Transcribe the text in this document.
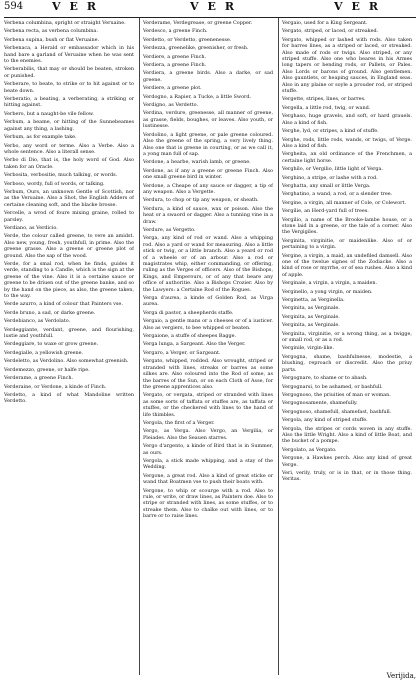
594	VER	VER	VER

Verbena columbina, spright or straight Veruaine.

Verbena recta, as verbena columbina.

Verbena supina, bush or flat Veruaine.

Verbenaca, a Herald or embassador which in his hand bare a garland of Veruaine when he was sent to the enemies.

Verberabilis, that may or should be beaten, stroken or punished.

Verberare, to beate, to strike or to hit against or to beate down.

Verberatio, a beating, a verberating, a striking or hitting against.

Verbero, but a naught-be vile fellow.

Verbum, a beame, or hitting of the Sunnebeames against any thing, a lashing.

Verbum, as for example take.

Verbo, any word or terme. Also a Verbe. Also a whole sentence. Also a literall sense.

Verbo di Dio, that is, the holy word of God. Also taken for an Oracle.

Verbosita, verbositie, much talking, or words.

Verboso, wordy, full of words, or talking.

Verbum, Ours, an unknown Gentle of Scottish, nor as the Veruaine. Also a Shot, the English Adders of certaine cleaning soft, and the blacke brosse.

Vercelle, a wrod of foure mixing graine, rolled to parsley.

Verdiano, as Verdicio.

Verde, the colour called greene, to vere an amidst. Also new, young, fresh, youthfull, in prime. Also the greene grasse. Also a greene or greene plot of ground. Also the sap of the wood.

Verde, for a smal rod, when he finds, guides it verde, standing to a Candle, which is the sign at the greene of the vine. Also it is a certaine sauce or greene to be driuen out of the greene banke, and so by the hand on the piece, as also, the greene taken, to the way.

Verde azurro, a kind of colour that Painters vse.

Verde bruno, a sad, or darke greene.

Verdebianco, as Verdolato.

Verdeggiante, verdant, greene, and flourishing, lustie and youthfull.

Verdeggiare, to waxe or grow greene.

Verdegialle, a yellowish greene.

Verdeletto, as Verdolino. Also somewhat greenish.

Verdemezzo, greene, or halfe ripe.

Verderame, a greene Finch.

Verderaine, or Verdone, a kinde of Finch.

Verdetto, a kind of what Mandoline written Verdetto.

Verderame, Verdegrease, or greene Copper.

Verdesco, a greene Finch.

Verdetto, or Verdetto, greenenesse.

Verdezza, greenelike, greenisher, or fresh.

Verdiere, a greene Finch.

Verdiera, a greene Finch.

Verdiera, a greene birds. Also a darke, or sad greene.

Verdiere, a greene plot.

Verdogno, a Rapier, a Tucke, a little Sword.

Verdigno, as Verdetto.

Verdina, verdure, greenesse, all manner of greene, as grasse, fields, boughes, or leaves. Also youth, or lustinesse.

Verdolino, a light greene, or pale greene coloured. Also the greene of the spring, a very lively thing. Also one that is greene in courting, or as we call it, a yong man full of sap.

Verdone, a hearbe, warish lamb, or greene.

Verdone, as if any a greene or greene Finch. Also one small greene bird in winter.

Verdone, a Cheape of any sauce or dagger, a tip of any weapon. Also a Vergette.

Verdura, to chop or tip any weapon, or sheath.

Verdura, a kind of sauce, wax or poison. Also the heat or a swaord or dagger. Also a tunning vine in a draw.

Verdure, as Vergetto.

Verga, any kind of rod or wand. Also a whipping rod. Also a yard or wand for measuring. Also a little stick or twig, or a little branch. Also a yeard or rod of a wheele or of an arbour. Also a rod or magistrates whip, either commanding, or offering, ruling as the Verges of officers. Also of the Bishops, Kings, and Emperours, or of any that beare any office of authoritie. Also a Bishops Crozier. Also by the Lawyers: a Certaine Rod of the Rogues.

Verga d'aurea, a kinde of Golden Rod, as Virga aurea.

Verga di pastor, a sheepherds staffe.

Vergaio, a gentle mans or a cheeses or of a iusticer. Also as vergiers, to bee whipped or beaten.

Vergaione, a stuffe of sheepes Bagge.

Verga lunga, a Sargeant. Also the Verger.

Vergaro, a Verger, or Sargeant.

Vergato, whipped, rodded. Also wrought, striped or stranded with lines, streaks or barres as some silkes are. Also coloured into the Rod of some, as the barres of the Sun, or on each Cloth of Asse, for the greene apprentices also.

Vergato, or vergata, striped or stranded with lines as some sorts of taffata or stuffes are, as taffata or stuffes, or the checkered with lines to the hand of life thimbles.

Vergola, the first of a Verger.

Vergo, as Verga. Also Vergo, an Vergilia, or Pleiades. Also the Seauen starres.

Vergo d'argento, a kinde of Bird that is in Summer, as ours.

Vergola, a stick made whipping, and a stay of the Wedding.

Vergone, a great rod. Also a kind of great sticke or wand that Boatmen vse to push their boats with.

Vergone, to whip or scourge with a rod. Also to rule, or write, or draw lines, as Painters doe. Also to stripe or stranded with lines, as some stuffes, or to streake them. Also to chalke out with lines, or to barre or to raise lines.

Vergaio, used for a King Sergeant.

Vergato, striped, or laced, or streaked.

Vergato, whipped or lashed with rods. Also taken for barres lines, as a striped or laced, or streaked. Also made of rods or twigs. Also striped, or any striped stuffe. Also one who beares in his Armes long tapers or bending rods, or Pallets, or Pales. Also Lords or barons of ground. Also gentlemen. Also gauntlets, or heaping sauces, in England seas. Also in any plaine or soyle a prouder rod, or striped stuffe.

Vergette, stripes, lines, or barres.

Vergella, a little rod, twig, or wand.

Verghaso, huge gravels, and soft, or hard grauels. Also a kind of fish.

Verghe, lyd, or stripes, a kind of stuffe.

Verghe, rods, little rods, wands, or twigs, of Verge. Also a kind of fish.

Vergheita, an old ordinance of the Frenchmen, a certaine light horse.

Verghilo, or Vergilio, little light of Verga.

Verghino, a stripe, or lashe with a rod.

Verghatta, any small or little Verga.

Verghatino, a wand, a rod, or a slender tree.

Vergine, a virgin, all manner of Cole, or Colewort.

Vergilie, an Herd-yard full of trees.

Vergilio, a name of the Brooke-lambe house, or a stone laid in a greene, or the tale of a corner. Also the Vergigiles.

Verginita, virginitie, or maidenlike. Also of or pertaining to a virgin.

Vergine, a virgin, a maid, an undefiled damsell. Also one of the twelue signes of the Zodiacke. Also a kind of rose or myrrhe, or of sea rushes. Also a kind of apple.

Verginale, a virgin, a virgin, a maiden.

Verginello, a yong virgin, or maiden.

Verginetta, as Verginella.

Verginita, as Verginale.

Verginita, as Verginale.

Verginita, as Verginale.

Verginita, virginitie, or a wrong thing, as a twigge, or small rod, or as a rod.

Verginile, virgin-like.

Vergogna, shame, bashfulnesse, modestie, a blushing, reproach or discredit. Also the priuy parts.

Vergognare, to shame or to abash.

Vergognarsi, to be ashamed, or bashfull.

Vergognoso, the priuities of man or woman.

Vergognosamente, shamefully.

Vergognoso, shamefull, shamefast, bashfull.

Vergola, any kind of striped stuffe.

Vergola, the stripes or cords woven in any stuffe. Also the little Wright. Also a kind of little Boat, and the bucket of a pompe.

Vergolato, as Vergato.

Vergone, a Hawkes perch. Also any kind of great Verge.

Veri, verily, truly, or is in that, or in those thing. Veritas.

Verijida,
